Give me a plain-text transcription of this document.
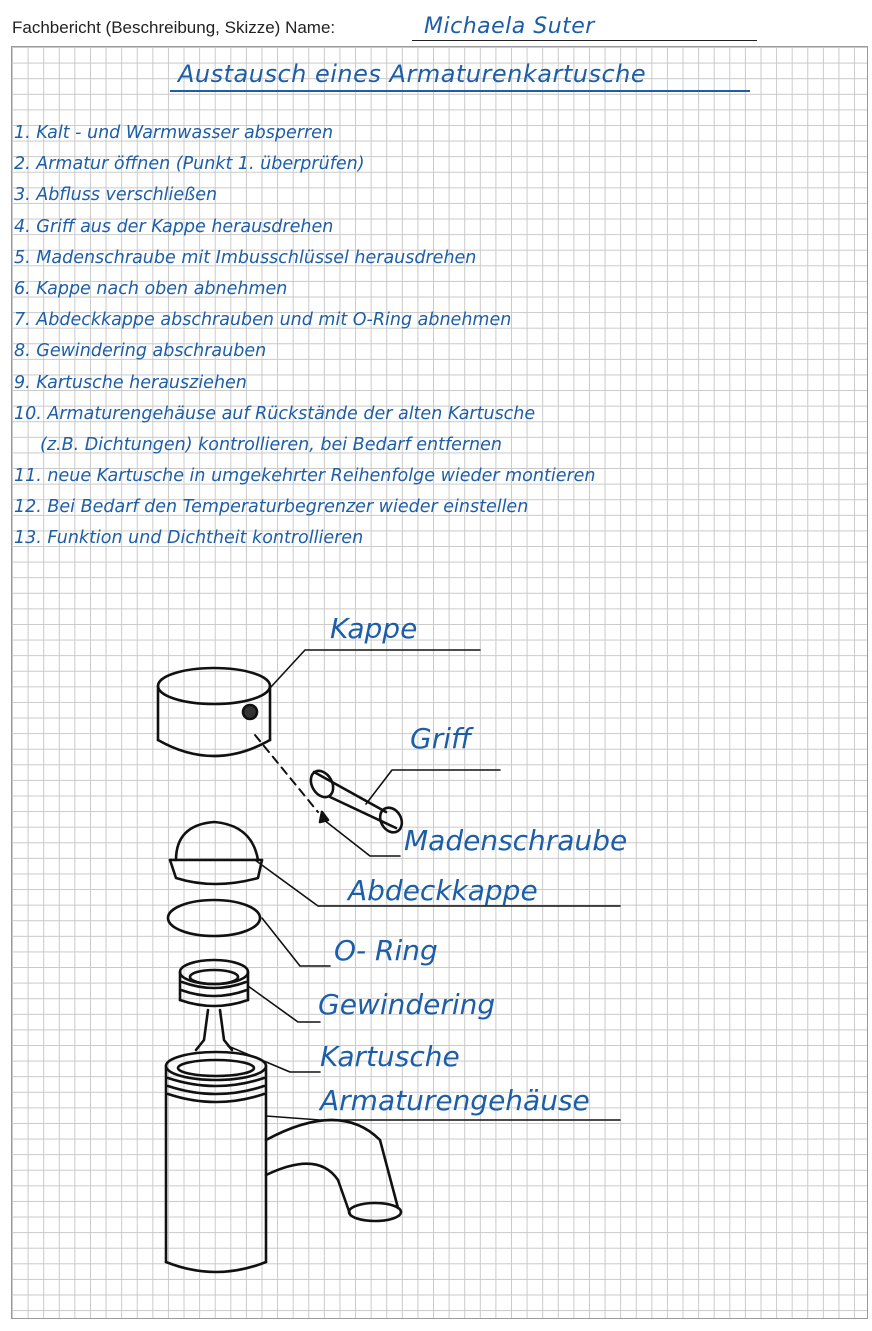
Fachbericht (Beschreibung, Skizze) Name:	Michaela Suter
Austausch eines Armaturenkartusche
1. Kalt - und Warmwasser absperren
2. Armatur öffnen (Punkt 1. überprüfen)
3. Abfluss verschließen
4. Griff aus der Kappe herausdrehen
5. Madenschraube mit Imbusschlüssel herausdrehen
6. Kappe nach oben abnehmen
7. Abdeckkappe abschrauben und mit O-Ring abnehmen
8. Gewindering abschrauben
9. Kartusche herausziehen
10. Armaturengehäuse auf Rückstände der alten Kartusche
(z.B. Dichtungen) kontrollieren, bei Bedarf entfernen
11. neue Kartusche in umgekehrter Reihenfolge wieder montieren
12. Bei Bedarf den Temperaturbegrenzer wieder einstellen
13. Funktion und Dichtheit kontrollieren
Kappe
Griff
Madenschraube
Abdeckkappe
O- Ring
Gewindering
Kartusche
Armaturengehäuse
